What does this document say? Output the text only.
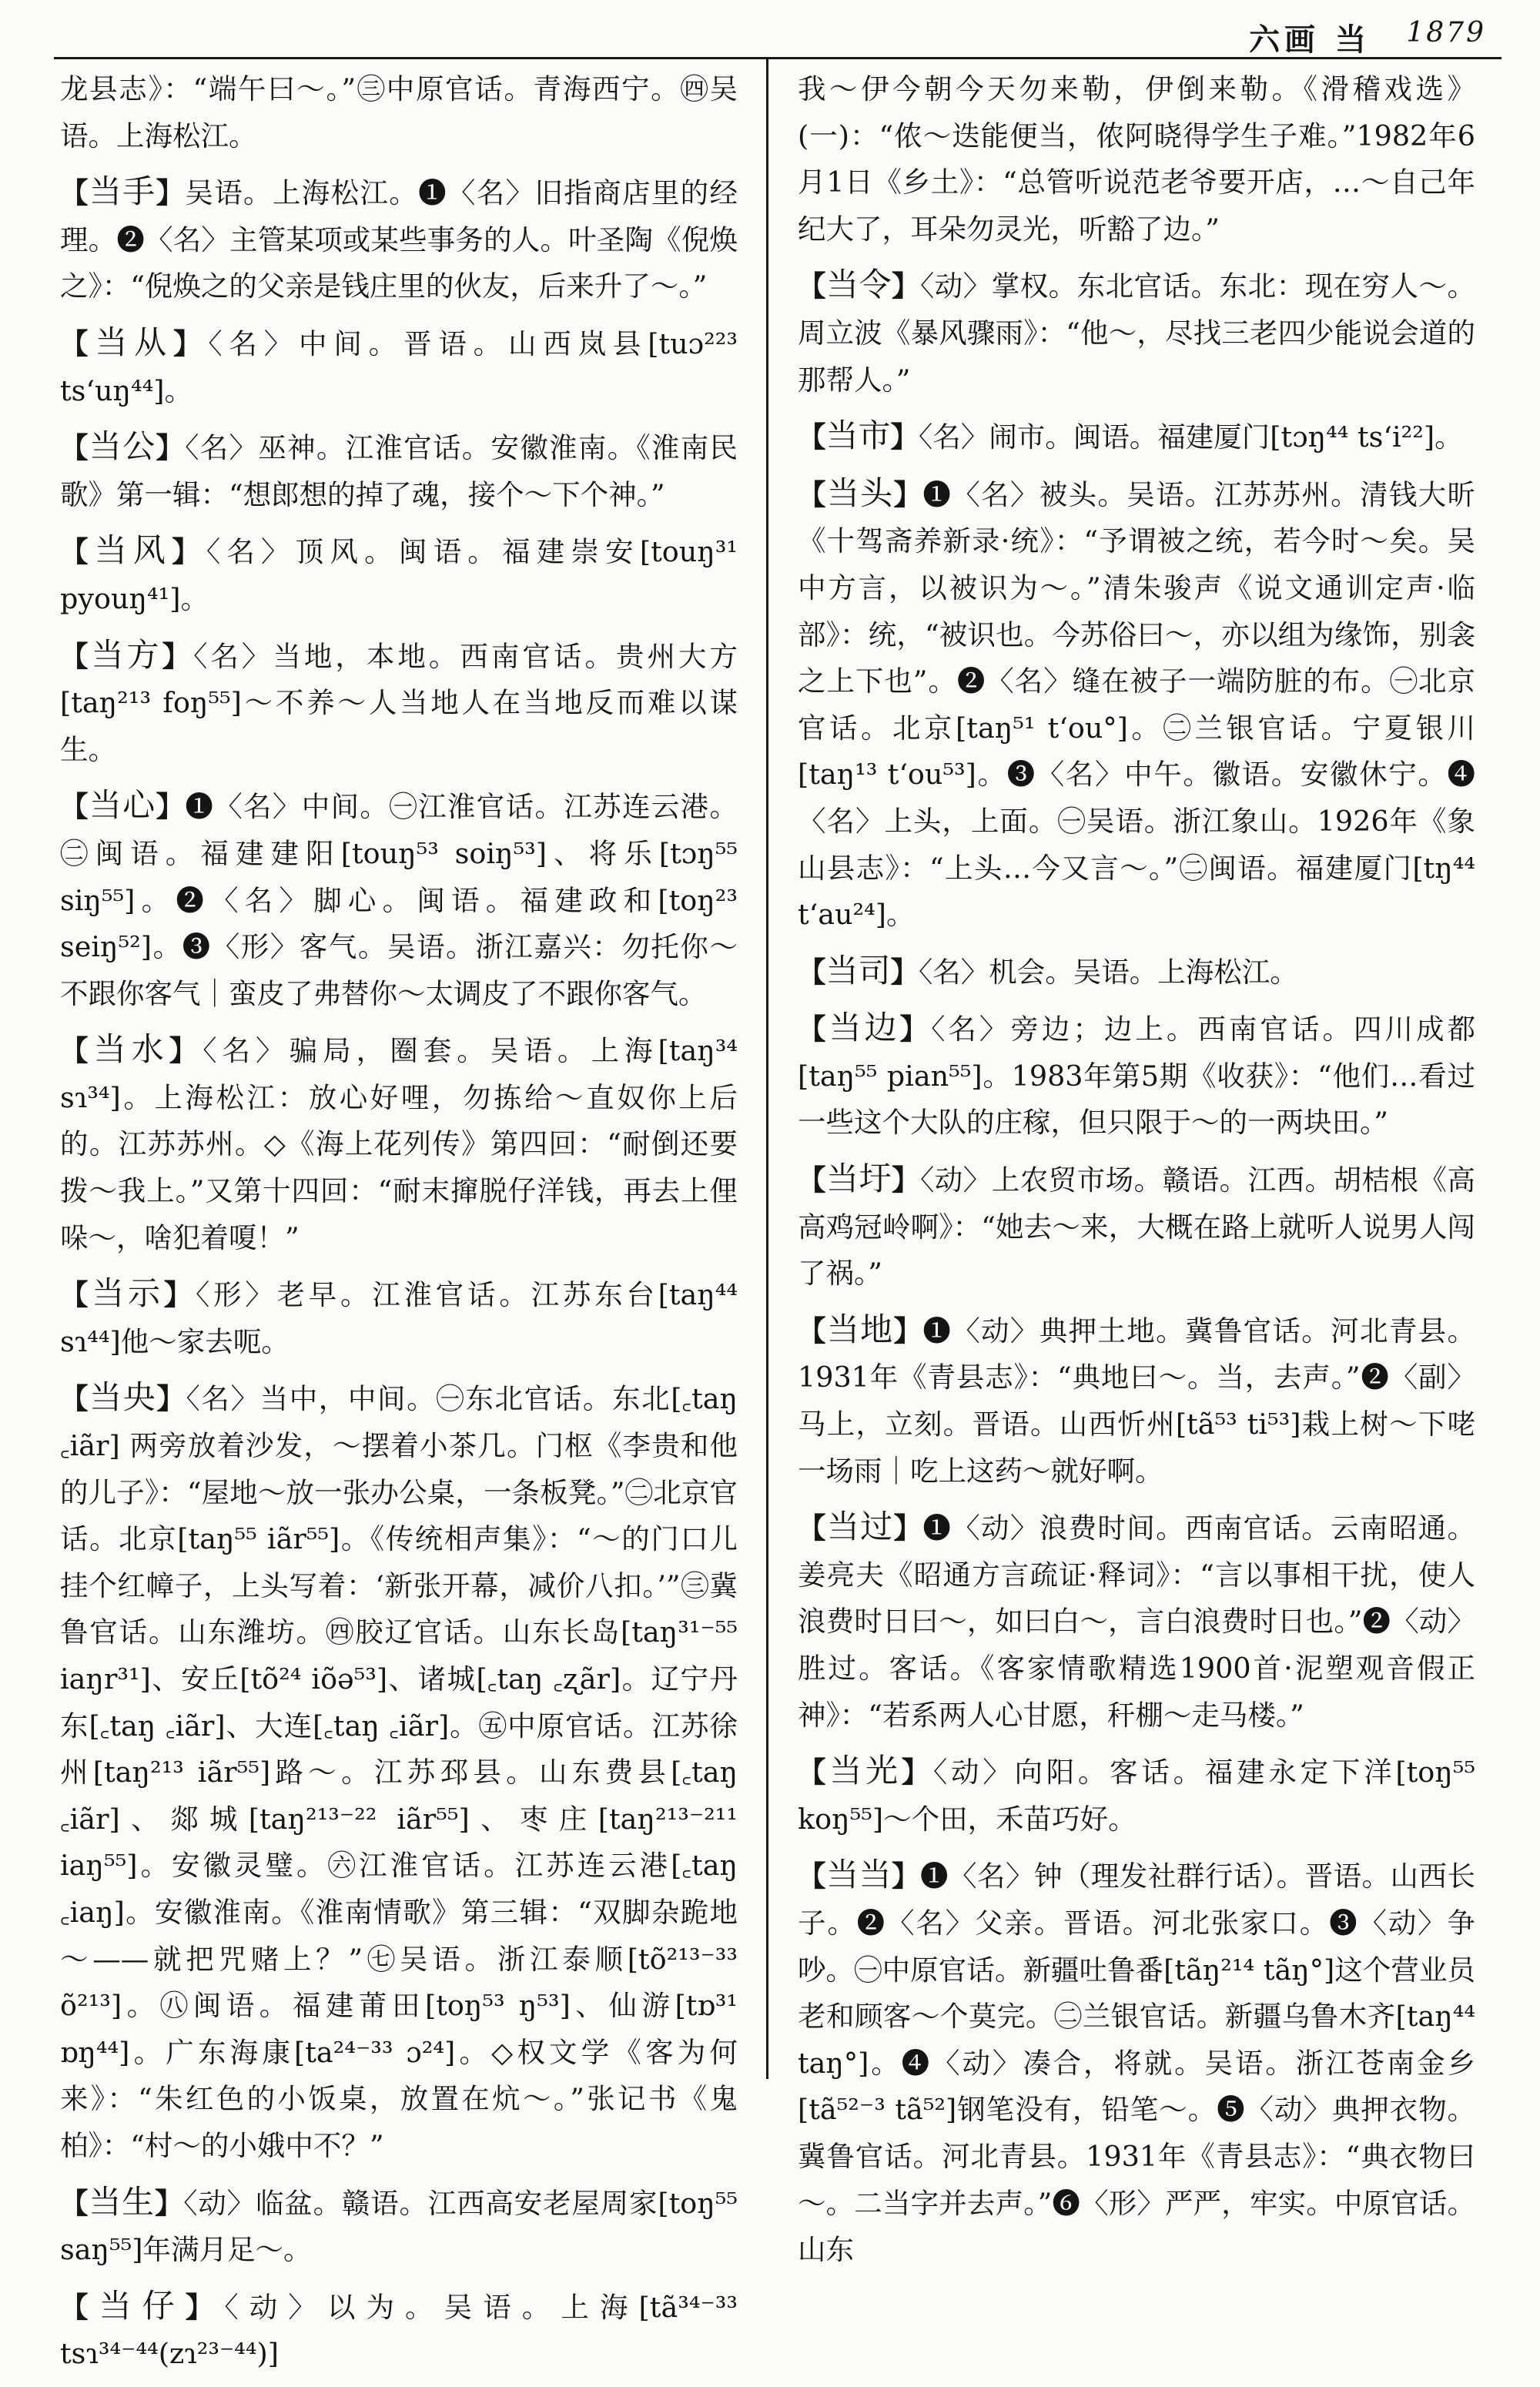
六画 当 1879

龙县志》：“端午曰～。”㊂中原官话。青海西宁。㊃吴语。上海松江。

【当手】吴语。上海松江。❶〈名〉旧指商店里的经理。❷〈名〉主管某项或某些事务的人。叶圣陶《倪焕之》：“倪焕之的父亲是钱庄里的伙友，后来升了～。”

【当从】〈名〉中间。晋语。山西岚县[tuɔ²²³ tsʻuŋ⁴⁴]。

【当公】〈名〉巫神。江淮官话。安徽淮南。《淮南民歌》第一辑：“想郎想的掉了魂，接个～下个神。”

【当风】〈名〉顶风。闽语。福建崇安[touŋ³¹ pyouŋ⁴¹]。

【当方】〈名〉当地，本地。西南官话。贵州大方[taŋ²¹³ foŋ⁵⁵]～不养～人当地人在当地反而难以谋生。

【当心】❶〈名〉中间。㊀江淮官话。江苏连云港。㊁闽语。福建建阳[touŋ⁵³ soiŋ⁵³]、将乐[tɔŋ⁵⁵ siŋ⁵⁵]。❷〈名〉脚心。闽语。福建政和[toŋ²³ seiŋ⁵²]。❸〈形〉客气。吴语。浙江嘉兴：勿托你～不跟你客气｜蛮皮了弗替你～太调皮了不跟你客气。

【当水】〈名〉骗局，圈套。吴语。上海[taŋ³⁴ sɿ³⁴]。上海松江：放心好哩，勿拣给～直奴你上后的。江苏苏州。◇《海上花列传》第四回：“耐倒还要拨～我上。”又第十四回：“耐末撺脱仔洋钱，再去上俚哚～，啥犯着嗄！”

【当示】〈形〉老早。江淮官话。江苏东台[taŋ⁴⁴ sɿ⁴⁴]他～家去呃。

【当央】〈名〉当中，中间。㊀东北官话。东北[꜀taŋ ꜀iãr] 两旁放着沙发，～摆着小茶几。门枢《李贵和他的儿子》：“屋地～放一张办公桌，一条板凳。”㊁北京官话。北京[taŋ⁵⁵ iãr⁵⁵]。《传统相声集》：“～的门口儿挂个红幛子，上头写着：‘新张开幕，减价八扣。’”㊂冀鲁官话。山东潍坊。㊃胶辽官话。山东长岛[taŋ³¹⁻⁵⁵ iaŋr³¹]、安丘[tõ²⁴ iõə⁵³]、诸城[꜀taŋ ꜀ʐãr]。辽宁丹东[꜀taŋ ꜀iãr]、大连[꜀taŋ ꜀iãr]。㊄中原官话。江苏徐州[taŋ²¹³ iãr⁵⁵]路～。江苏邳县。山东费县[꜀taŋ ꜀iãr]、郯城[taŋ²¹³⁻²² iãr⁵⁵]、枣庄[taŋ²¹³⁻²¹¹ iaŋ⁵⁵]。安徽灵璧。㊅江淮官话。江苏连云港[꜀taŋ ꜀iaŋ]。安徽淮南。《淮南情歌》第三辑：“双脚杂跪地～——就把咒赌上？”㊆吴语。浙江泰顺[tõ²¹³⁻³³ õ²¹³]。㊇闽语。福建莆田[toŋ⁵³ ŋ⁵³]、仙游[tɒ³¹ ɒŋ⁴⁴]。广东海康[ta²⁴⁻³³ ɔ²⁴]。◇权文学《客为何来》：“朱红色的小饭桌，放置在炕～。”张记书《鬼柏》：“村～的小娥中不？”

【当生】〈动〉临盆。赣语。江西高安老屋周家[toŋ⁵⁵ saŋ⁵⁵]年满月足～。

【当仔】〈动〉以为。吴语。上海[tã³⁴⁻³³ tsɿ³⁴⁻⁴⁴(zɿ²³⁻⁴⁴)]

我～伊今朝今天勿来勒，伊倒来勒。《滑稽戏选》(一)：“侬～迭能便当，侬阿晓得学生子难。”1982年6月1日《乡土》：“总管听说范老爷要开店，…～自己年纪大了，耳朵勿灵光，听豁了边。”

【当令】〈动〉掌权。东北官话。东北：现在穷人～。周立波《暴风骤雨》：“他～，尽找三老四少能说会道的那帮人。”

【当市】〈名〉闹市。闽语。福建厦门[tɔŋ⁴⁴ tsʻi²²]。

【当头】❶〈名〉被头。吴语。江苏苏州。清钱大昕《十驾斋养新录·统》：“予谓被之统，若今时～矣。吴中方言，以被识为～。”清朱骏声《说文通训定声·临部》：统，“被识也。今苏俗曰～，亦以组为缘饰，别衾之上下也”。❷〈名〉缝在被子一端防脏的布。㊀北京官话。北京[taŋ⁵¹ tʻou°]。㊁兰银官话。宁夏银川[taŋ¹³ tʻou⁵³]。❸〈名〉中午。徽语。安徽休宁。❹〈名〉上头，上面。㊀吴语。浙江象山。1926年《象山县志》：“上头…今又言～。”㊁闽语。福建厦门[tŋ⁴⁴ tʻau²⁴]。

【当司】〈名〉机会。吴语。上海松江。

【当边】〈名〉旁边；边上。西南官话。四川成都[taŋ⁵⁵ pian⁵⁵]。1983年第5期《收获》：“他们…看过一些这个大队的庄稼，但只限于～的一两块田。”

【当圩】〈动〉上农贸市场。赣语。江西。胡桔根《高高鸡冠岭啊》：“她去～来，大概在路上就听人说男人闯了祸。”

【当地】❶〈动〉典押土地。冀鲁官话。河北青县。1931年《青县志》：“典地曰～。当，去声。”❷〈副〉马上，立刻。晋语。山西忻州[tã⁵³ ti⁵³]栽上树～下咾一场雨｜吃上这药～就好啊。

【当过】❶〈动〉浪费时间。西南官话。云南昭通。姜亮夫《昭通方言疏证·释词》：“言以事相干扰，使人浪费时日曰～，如曰白～，言白浪费时日也。”❷〈动〉胜过。客话。《客家情歌精选1900首·泥塑观音假正神》：“若系两人心甘愿，秆棚～走马楼。”

【当光】〈动〉向阳。客话。福建永定下洋[toŋ⁵⁵ koŋ⁵⁵]～个田，禾苗巧好。

【当当】❶〈名〉钟（理发社群行话）。晋语。山西长子。❷〈名〉父亲。晋语。河北张家口。❸〈动〉争吵。㊀中原官话。新疆吐鲁番[tãŋ²¹⁴ tãŋ°]这个营业员老和顾客～个莫完。㊁兰银官话。新疆乌鲁木齐[taŋ⁴⁴ taŋ°]。❹〈动〉凑合，将就。吴语。浙江苍南金乡[tã⁵²⁻³ tã⁵²]钢笔没有，铅笔～。❺〈动〉典押衣物。冀鲁官话。河北青县。1931年《青县志》：“典衣物曰～。二当字并去声。”❻〈形〉严严，牢实。中原官话。山东
